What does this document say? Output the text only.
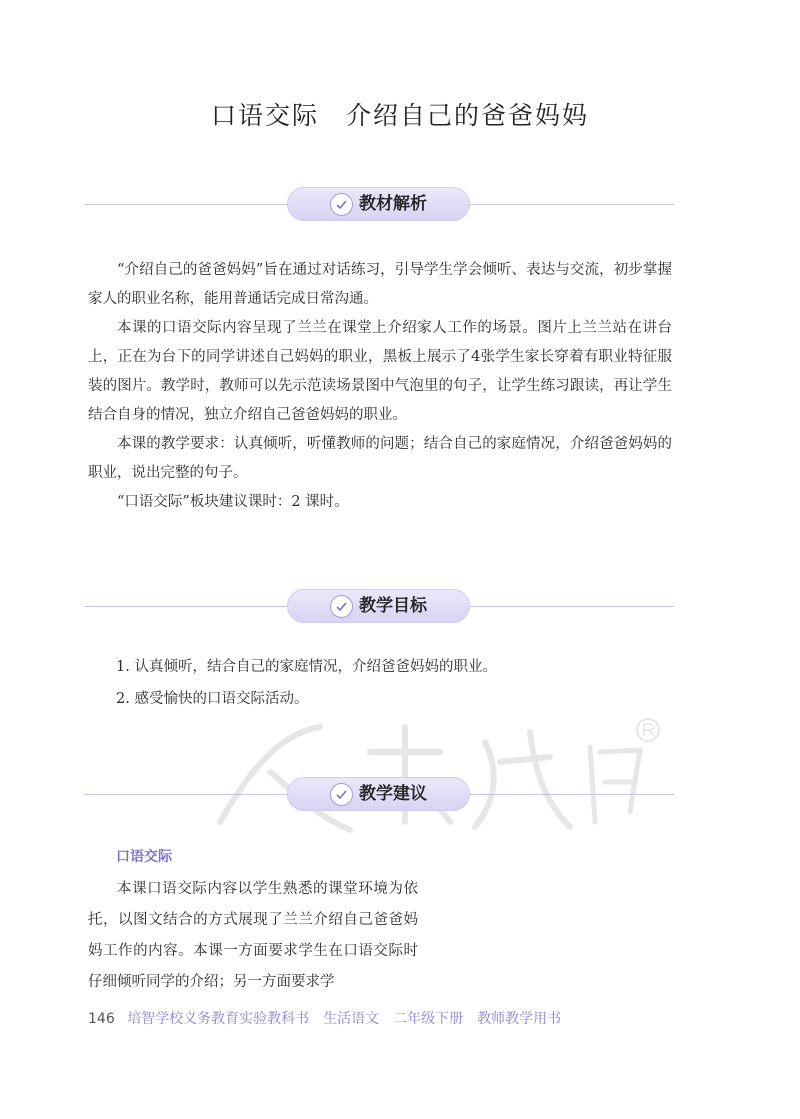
口语交际　介绍自己的爸爸妈妈
教材解析

“介绍自己的爸爸妈妈”旨在通过对话练习，引导学生学会倾听、表达与交流，初步掌握家人的职业名称，能用普通话完成日常沟通。

本课的口语交际内容呈现了兰兰在课堂上介绍家人工作的场景。图片上兰兰站在讲台上，正在为台下的同学讲述自己妈妈的职业，黑板上展示了4张学生家长穿着有职业特征服装的图片。教学时，教师可以先示范读场景图中气泡里的句子，让学生练习跟读，再让学生结合自身的情况，独立介绍自己爸爸妈妈的职业。

本课的教学要求：认真倾听，听懂教师的问题；结合自己的家庭情况，介绍爸爸妈妈的职业，说出完整的句子。

“口语交际”板块建议课时：2 课时。

教学目标

1. 认真倾听，结合自己的家庭情况，介绍爸爸妈妈的职业。

2. 感受愉快的口语交际活动。

教学建议
口语交际

本课口语交际内容以学生熟悉的课堂环境为依托，以图文结合的方式展现了兰兰介绍自己爸爸妈妈工作的内容。本课一方面要求学生在口语交际时仔细倾听同学的介绍；另一方面要求学

146 培智学校义务教育实验教科书　生活语文　二年级下册　教师教学用书
